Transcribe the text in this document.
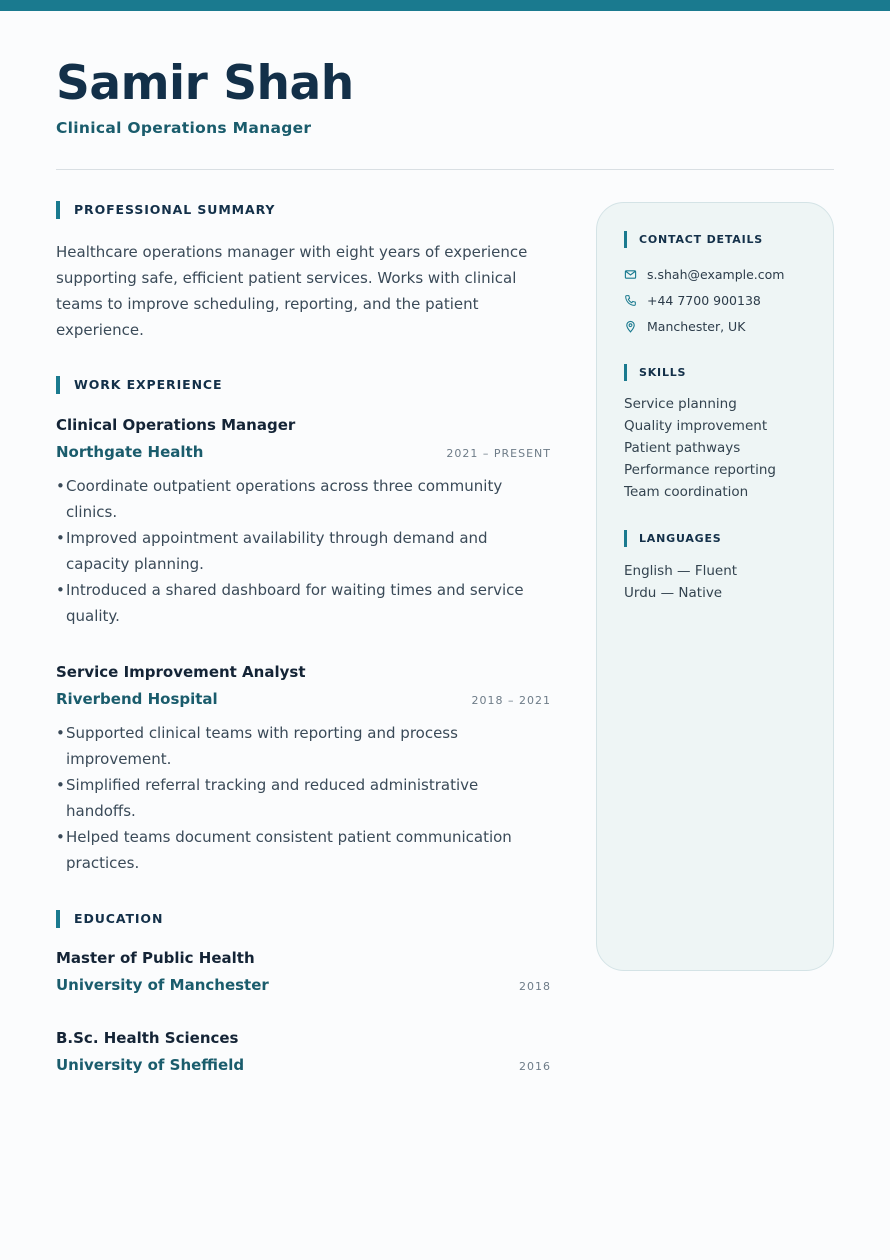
Samir Shah
Clinical Operations Manager
PROFESSIONAL SUMMARY

Healthcare operations manager with eight years of experience supporting safe, efficient patient services. Works with clinical teams to improve scheduling, reporting, and the patient experience.

WORK EXPERIENCE
Clinical Operations Manager
Northgate Health	2021 – PRESENT
• Coordinate outpatient operations across three community clinics.
• Improved appointment availability through demand and capacity planning.
• Introduced a shared dashboard for waiting times and service quality.
Service Improvement Analyst
Riverbend Hospital	2018 – 2021
• Supported clinical teams with reporting and process improvement.
• Simplified referral tracking and reduced administrative handoffs.
• Helped teams document consistent patient communication practices.
EDUCATION
Master of Public Health
University of Manchester	2018
B.Sc. Health Sciences
University of Sheffield	2016
CONTACT DETAILS
s.shah@example.com
+44 7700 900138
Manchester, UK
SKILLS
Service planning
Quality improvement
Patient pathways
Performance reporting
Team coordination
LANGUAGES
English — Fluent
Urdu — Native
